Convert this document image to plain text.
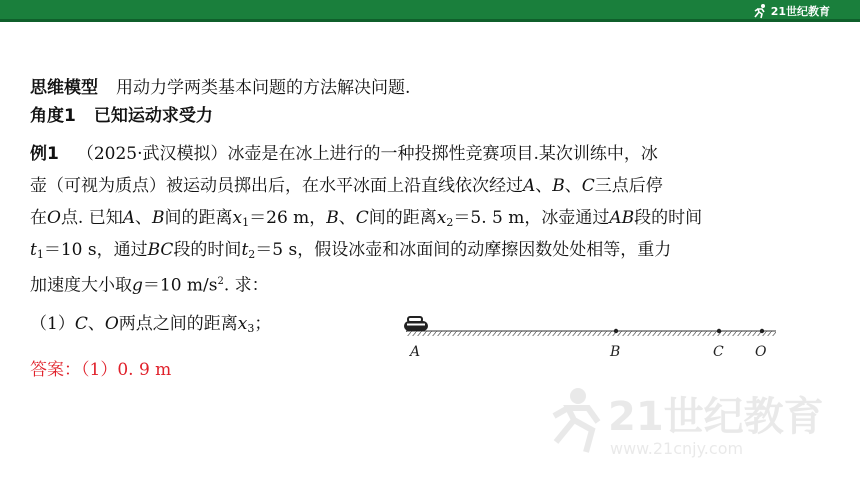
21世纪教育
思维模型 用动力学两类基本问题的方法解决问题.
角度1 已知运动求受力
例1 （2025·武汉模拟）冰壶是在冰上进行的一种投掷性竞赛项目.某次训练中，冰
壶（可视为质点）被运动员掷出后，在水平冰面上沿直线依次经过A、B、C三点后停
在O点. 已知A、B间的距离$x_1=26$ m，B、C间的距离$x_2=5$. 5 m，冰壶通过AB段的时间
$t_1=10$ s，通过BC段的时间$t_2=5$ s，假设冰壶和冰面间的动摩擦因数处处相等，重力
加速度大小取g＝10 $m/s^2$. 求：
（1）C、O两点之间的距离$x_3$；
答案：（1）0. 9 m
A	B	C O
21世纪教育
www.21cnjy.com
